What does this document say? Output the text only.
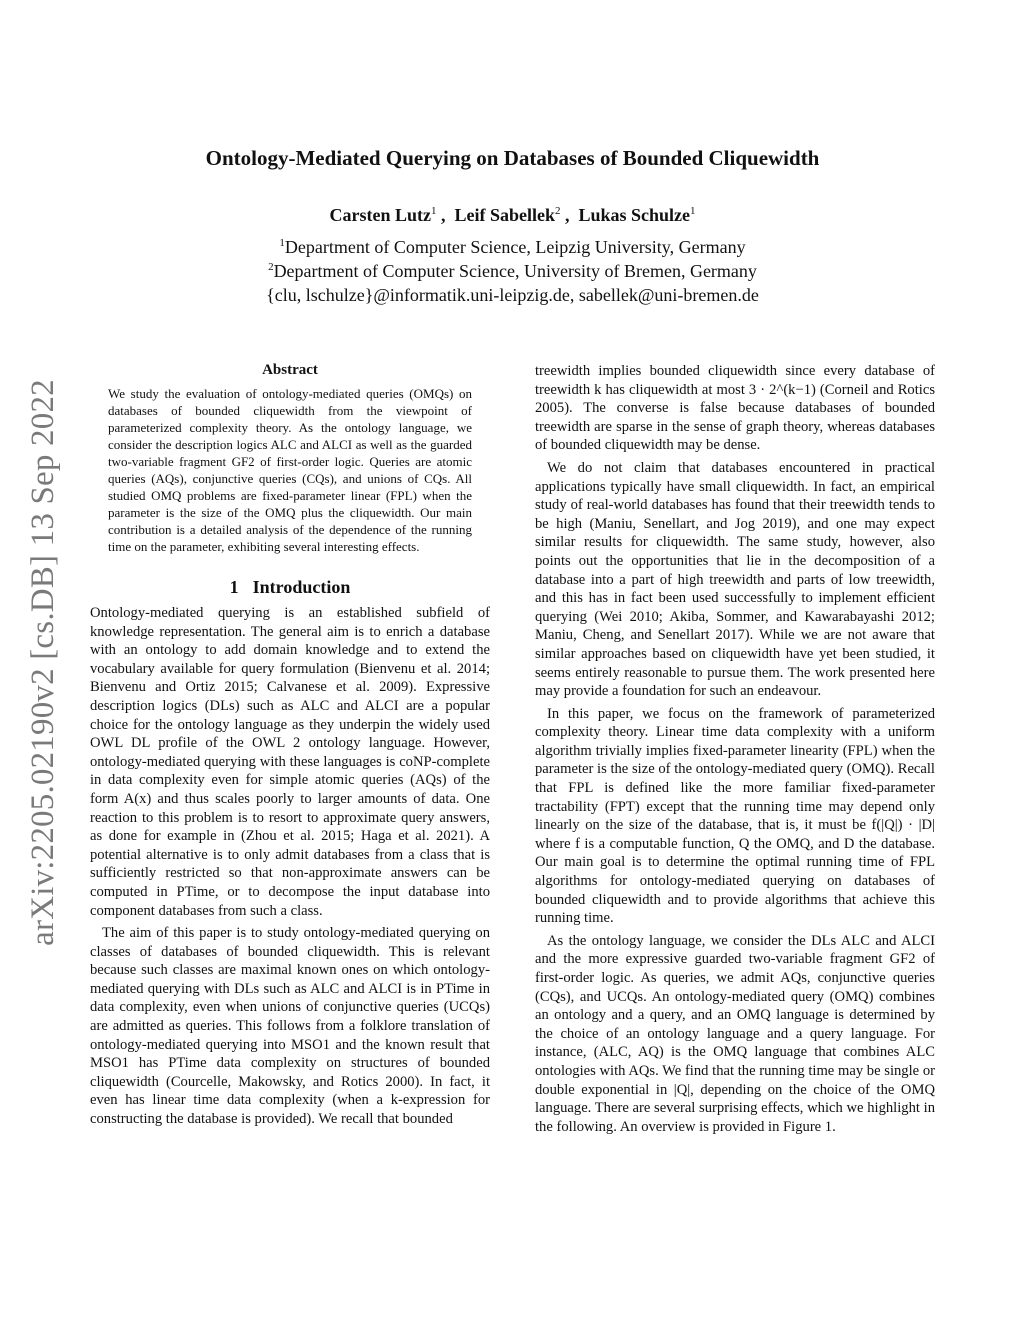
arXiv:2205.02190v2 [cs.DB] 13 Sep 2022
Ontology-Mediated Querying on Databases of Bounded Cliquewidth
Carsten Lutz$^1$ ,  Leif Sabellek$^2$ ,  Lukas Schulze$^1$
$^1$Department of Computer Science, Leipzig University, Germany
$^2$Department of Computer Science, University of Bremen, Germany
{clu, lschulze}@informatik.uni-leipzig.de, sabellek@uni-bremen.de
Abstract

We study the evaluation of ontology-mediated queries (OMQs) on databases of bounded cliquewidth from the viewpoint of parameterized complexity theory. As the ontology language, we consider the description logics ALC and ALCI as well as the guarded two-variable fragment GF2 of first-order logic. Queries are atomic queries (AQs), conjunctive queries (CQs), and unions of CQs. All studied OMQ problems are fixed-parameter linear (FPL) when the parameter is the size of the OMQ plus the cliquewidth. Our main contribution is a detailed analysis of the dependence of the running time on the parameter, exhibiting several interesting effects.

1 Introduction

Ontology-mediated querying is an established subfield of knowledge representation. The general aim is to enrich a database with an ontology to add domain knowledge and to extend the vocabulary available for query formulation (Bienvenu et al. 2014; Bienvenu and Ortiz 2015; Calvanese et al. 2009). Expressive description logics (DLs) such as ALC and ALCI are a popular choice for the ontology language as they underpin the widely used OWL DL profile of the OWL 2 ontology language. However, ontology-mediated querying with these languages is coNP-complete in data complexity even for simple atomic queries (AQs) of the form A(x) and thus scales poorly to larger amounts of data. One reaction to this problem is to resort to approximate query answers, as done for example in (Zhou et al. 2015; Haga et al. 2021). A potential alternative is to only admit databases from a class that is sufficiently restricted so that non-approximate answers can be computed in PTime, or to decompose the input database into component databases from such a class.

The aim of this paper is to study ontology-mediated querying on classes of databases of bounded cliquewidth. This is relevant because such classes are maximal known ones on which ontology-mediated querying with DLs such as ALC and ALCI is in PTime in data complexity, even when unions of conjunctive queries (UCQs) are admitted as queries. This follows from a folklore translation of ontology-mediated querying into MSO1 and the known result that MSO1 has PTime data complexity on structures of bounded cliquewidth (Courcelle, Makowsky, and Rotics 2000). In fact, it even has linear time data complexity (when a k-expression for constructing the database is provided). We recall that bounded

treewidth implies bounded cliquewidth since every database of treewidth k has cliquewidth at most 3 · 2^(k−1) (Corneil and Rotics 2005). The converse is false because databases of bounded treewidth are sparse in the sense of graph theory, whereas databases of bounded cliquewidth may be dense.

We do not claim that databases encountered in practical applications typically have small cliquewidth. In fact, an empirical study of real-world databases has found that their treewidth tends to be high (Maniu, Senellart, and Jog 2019), and one may expect similar results for cliquewidth. The same study, however, also points out the opportunities that lie in the decomposition of a database into a part of high treewidth and parts of low treewidth, and this has in fact been used successfully to implement efficient querying (Wei 2010; Akiba, Sommer, and Kawarabayashi 2012; Maniu, Cheng, and Senellart 2017). While we are not aware that similar approaches based on cliquewidth have yet been studied, it seems entirely reasonable to pursue them. The work presented here may provide a foundation for such an endeavour.

In this paper, we focus on the framework of parameterized complexity theory. Linear time data complexity with a uniform algorithm trivially implies fixed-parameter linearity (FPL) when the parameter is the size of the ontology-mediated query (OMQ). Recall that FPL is defined like the more familiar fixed-parameter tractability (FPT) except that the running time may depend only linearly on the size of the database, that is, it must be f(|Q|) · |D| where f is a computable function, Q the OMQ, and D the database. Our main goal is to determine the optimal running time of FPL algorithms for ontology-mediated querying on databases of bounded cliquewidth and to provide algorithms that achieve this running time.

As the ontology language, we consider the DLs ALC and ALCI and the more expressive guarded two-variable fragment GF2 of first-order logic. As queries, we admit AQs, conjunctive queries (CQs), and UCQs. An ontology-mediated query (OMQ) combines an ontology and a query, and an OMQ language is determined by the choice of an ontology language and a query language. For instance, (ALC, AQ) is the OMQ language that combines ALC ontologies with AQs. We find that the running time may be single or double exponential in |Q|, depending on the choice of the OMQ language. There are several surprising effects, which we highlight in the following. An overview is provided in Figure 1.
